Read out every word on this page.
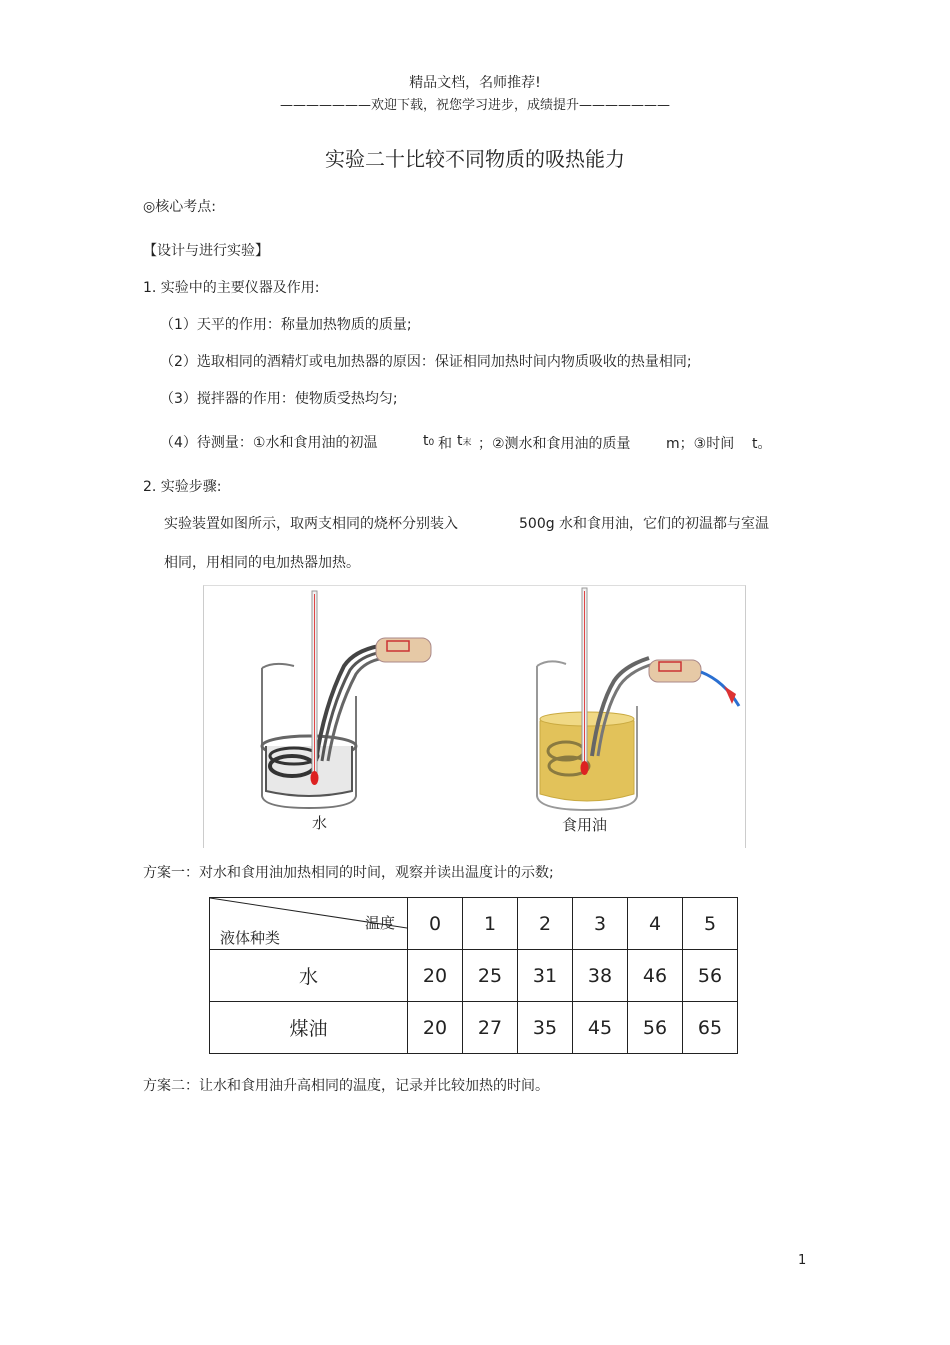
精品文档，名师推荐!
———————欢迎下载，祝您学习进步，成绩提升———————
实验二十比较不同物质的吸热能力
◎核心考点:
【设计与进行实验】
1. 实验中的主要仪器及作用:
（1）天平的作用：称量加热物质的质量;
（2）选取相同的酒精灯或电加热器的原因：保证相同加热时间内物质吸收的热量相同;
（3）搅拌器的作用：使物质受热均匀;
（4）待测量：①水和食用油的初温	t0 和 t末 ；②测水和食用油的质量	m；③时间 t。
2. 实验步骤:
实验装置如图所示，取两支相同的烧杯分别装入	500g 水和食用油，它们的初温都与室温
相同，用相同的电加热器加热。
水	食用油
方案一：对水和食用油加热相同的时间，观察并读出温度计的示数;
温度
液体种类	0	1	2	3	4	5
水	20	25	31	38	46	56
煤油	20	27	35	45	56	65
方案二：让水和食用油升高相同的温度，记录并比较加热的时间。
1
